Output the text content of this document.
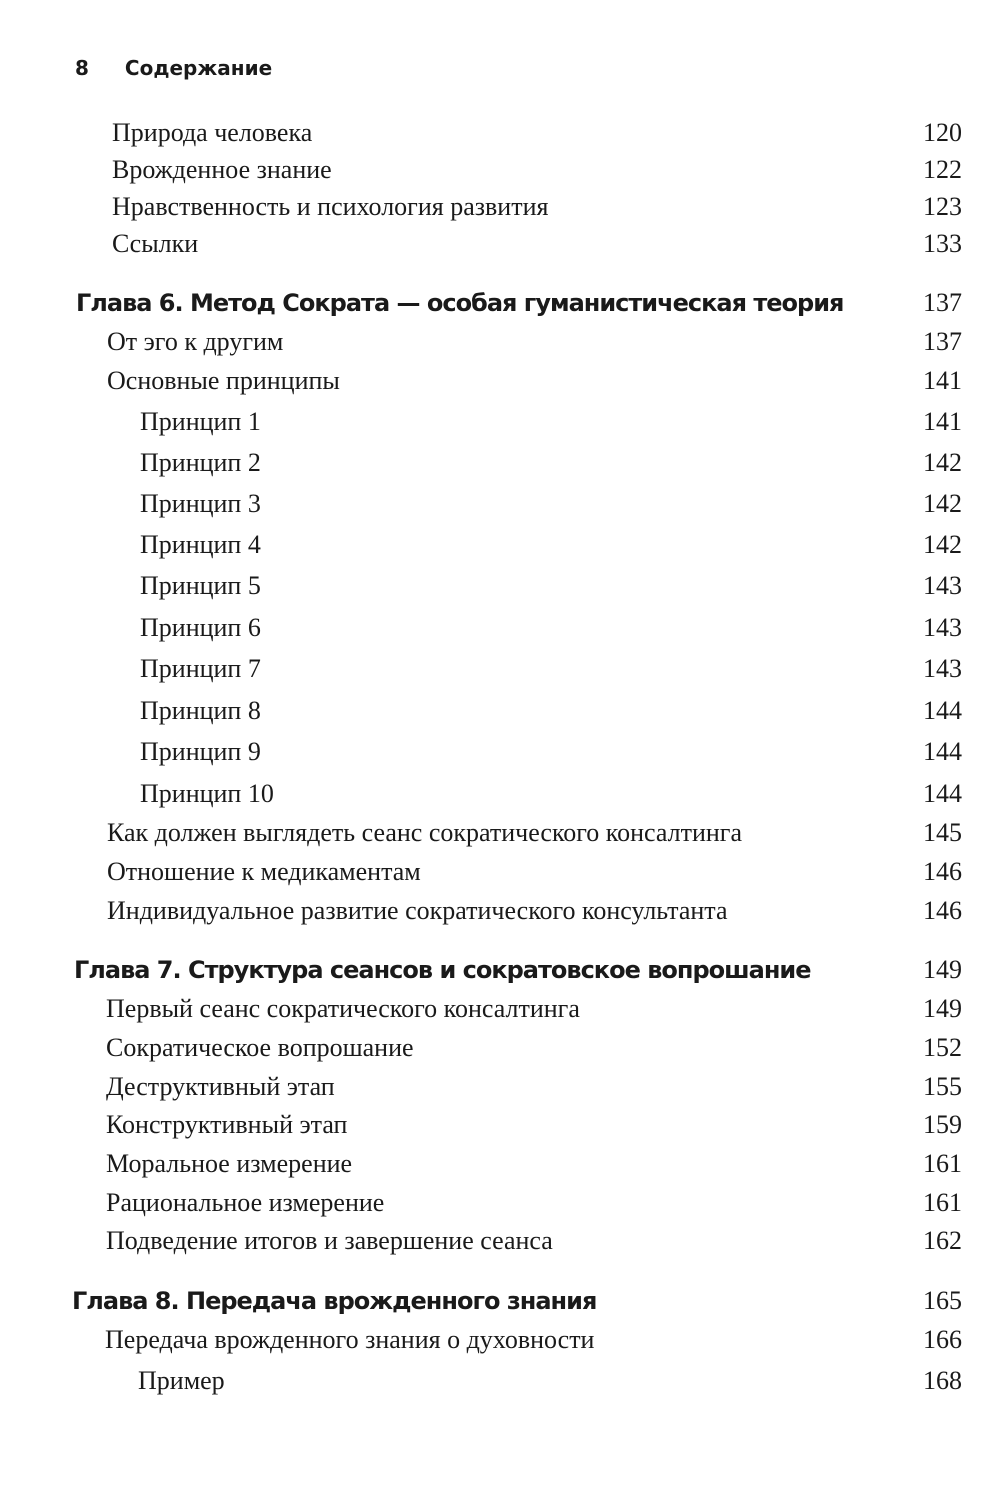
8 Содержание
Природа человека	120
Врожденное знание	122
Нравственность и психология развития	123
Ссылки	133
Глава 6. Метод Сократа — особая гуманистическая теория	137
От эго к другим	137
Основные принципы	141
Принцип 1	141
Принцип 2	142
Принцип 3	142
Принцип 4	142
Принцип 5	143
Принцип 6	143
Принцип 7	143
Принцип 8	144
Принцип 9	144
Принцип 10	144
Как должен выглядеть сеанс сократического консалтинга	145
Отношение к медикаментам	146
Индивидуальное развитие сократического консультанта	146
Глава 7. Структура сеансов и сократовское вопрошание	149
Первый сеанс сократического консалтинга	149
Сократическое вопрошание	152
Деструктивный этап	155
Конструктивный этап	159
Моральное измерение	161
Рациональное измерение	161
Подведение итогов и завершение сеанса	162
Глава 8. Передача врожденного знания	165
Передача врожденного знания о духовности	166
Пример	168
